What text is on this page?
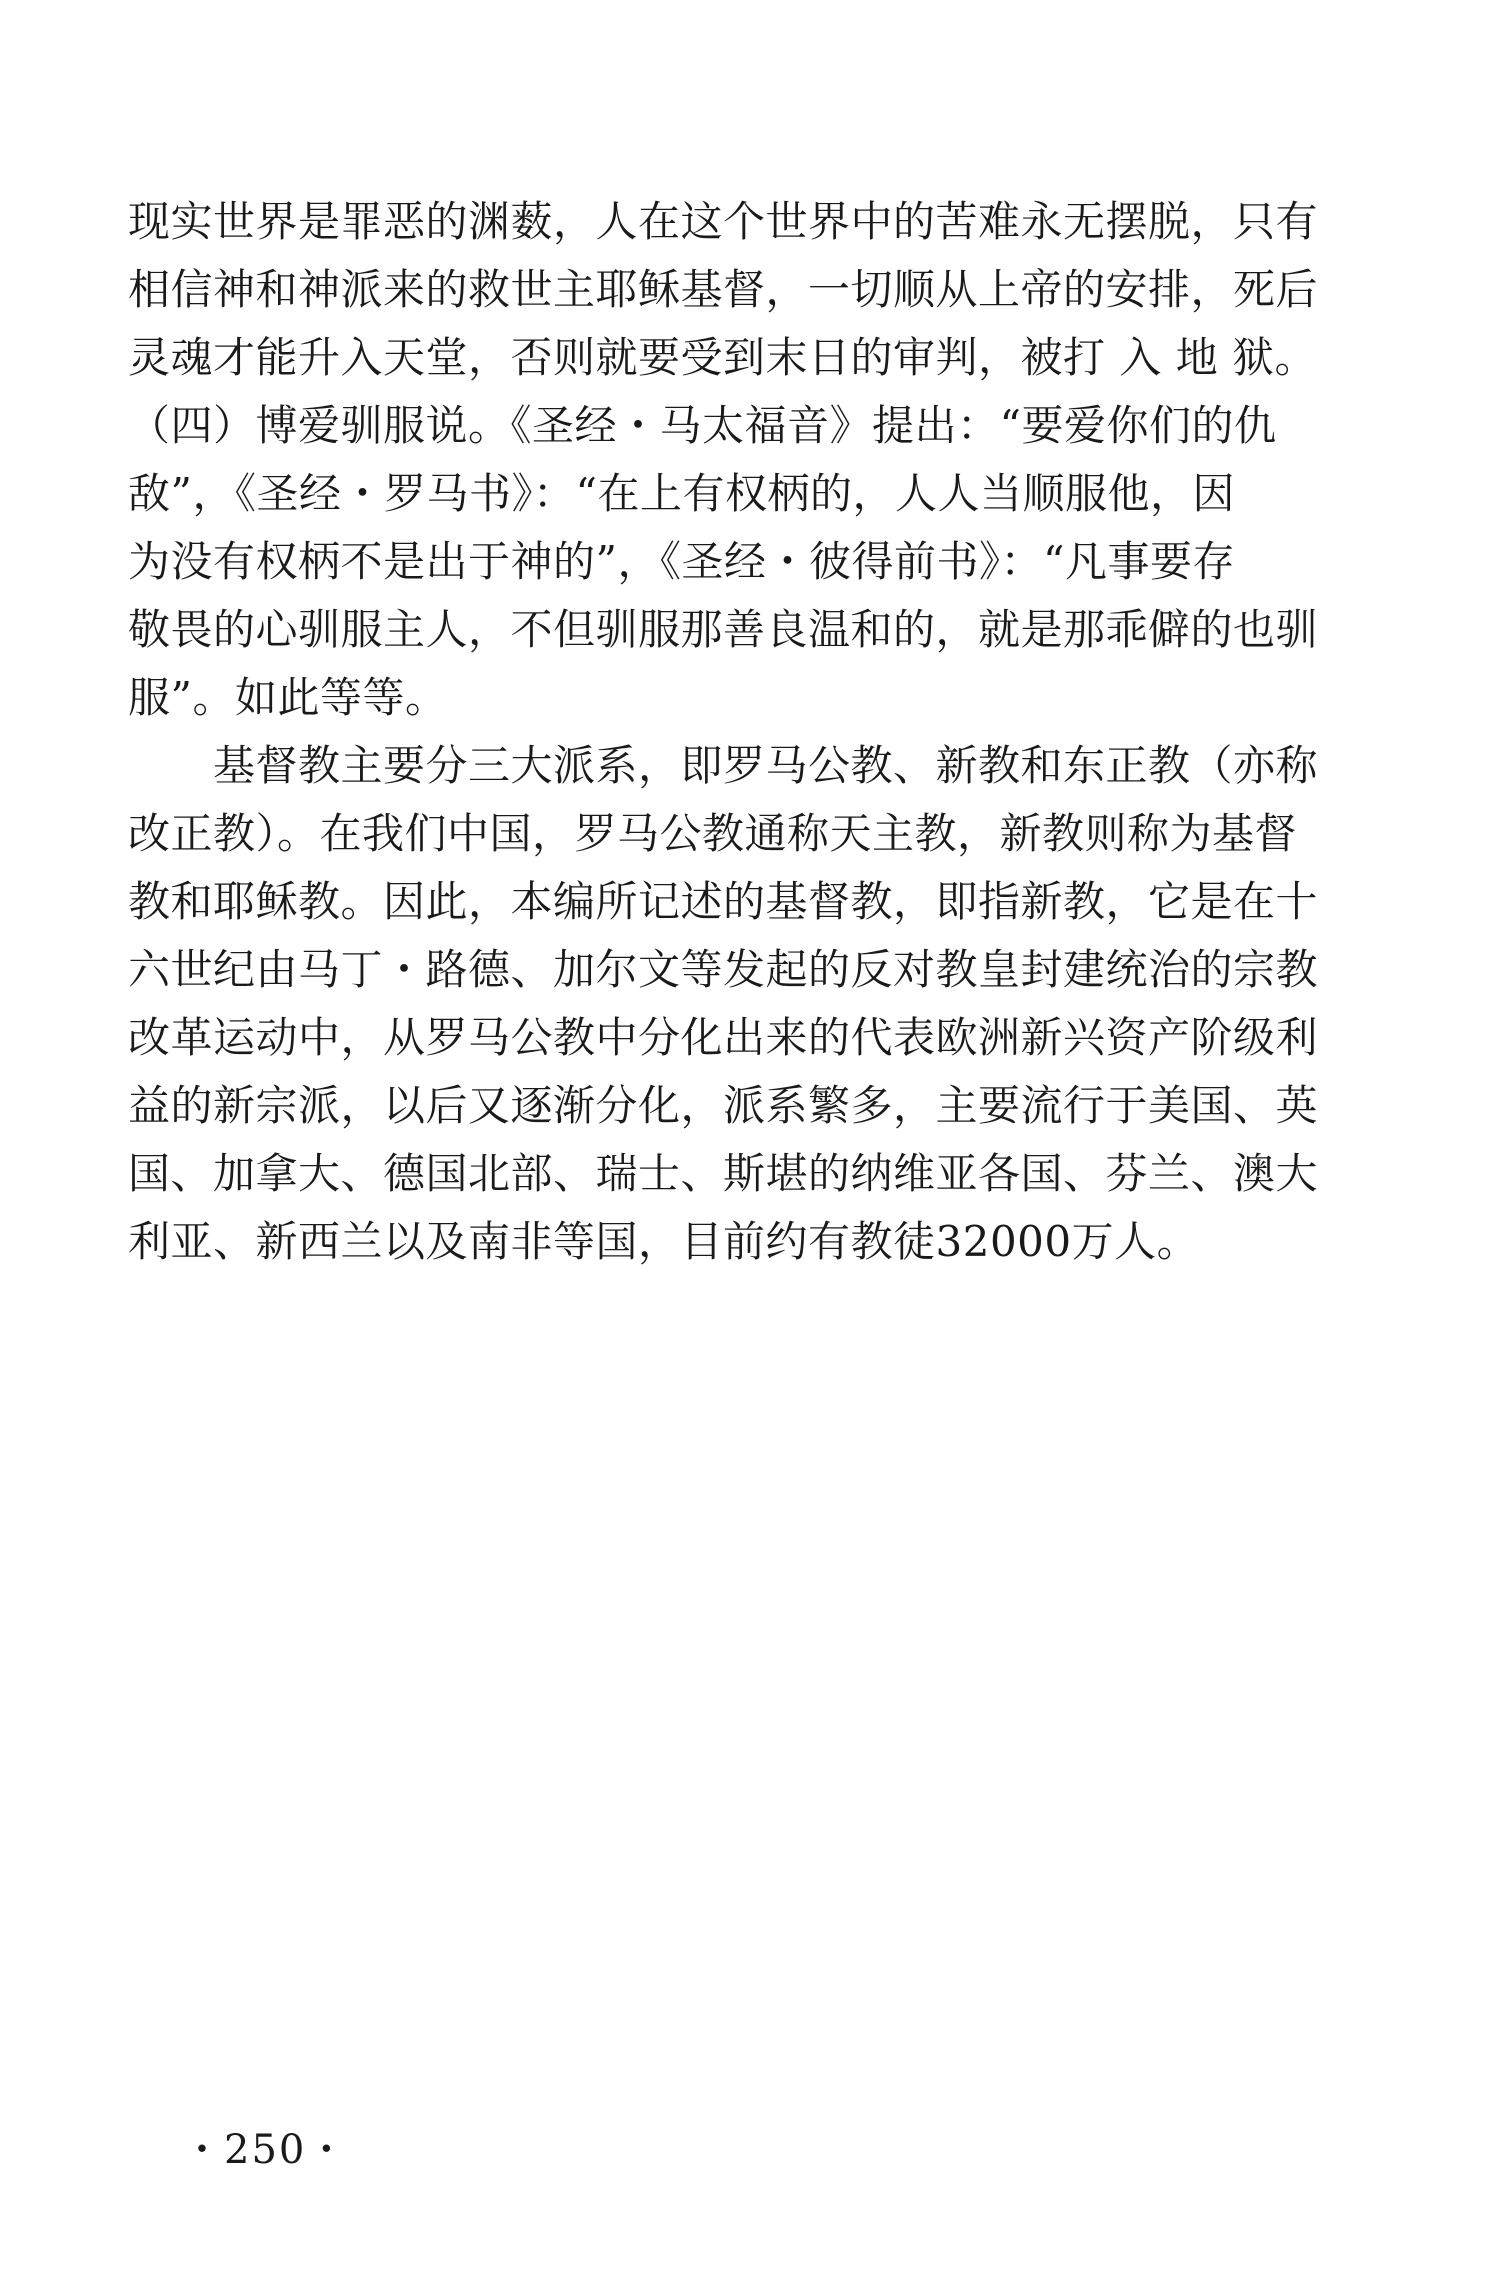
现实世界是罪恶的渊薮，人在这个世界中的苦难永无摆脱，只有
相信神和神派来的救世主耶稣基督，一切顺从上帝的安排，死后
灵魂才能升入天堂，否则就要受到末日的审判，被打 入 地 狱。
（四）博爱驯服说。《圣经・马太福音》提出：“要爱你们的仇
敌”，《圣经・罗马书》：“在上有权柄的，人人当顺服他，因
为没有权柄不是出于神的”，《圣经・彼得前书》：“凡事要存
敬畏的心驯服主人，不但驯服那善良温和的，就是那乖僻的也驯
服”。如此等等。
　　基督教主要分三大派系，即罗马公教、新教和东正教（亦称
改正教）。在我们中国，罗马公教通称天主教，新教则称为基督
教和耶稣教。因此，本编所记述的基督教，即指新教，它是在十
六世纪由马丁・路德、加尔文等发起的反对教皇封建统治的宗教
改革运动中，从罗马公教中分化出来的代表欧洲新兴资产阶级利
益的新宗派，以后又逐渐分化，派系繁多，主要流行于美国、英
国、加拿大、德国北部、瑞士、斯堪的纳维亚各国、芬兰、澳大
利亚、新西兰以及南非等国，目前约有教徒32000万人。
・250・
